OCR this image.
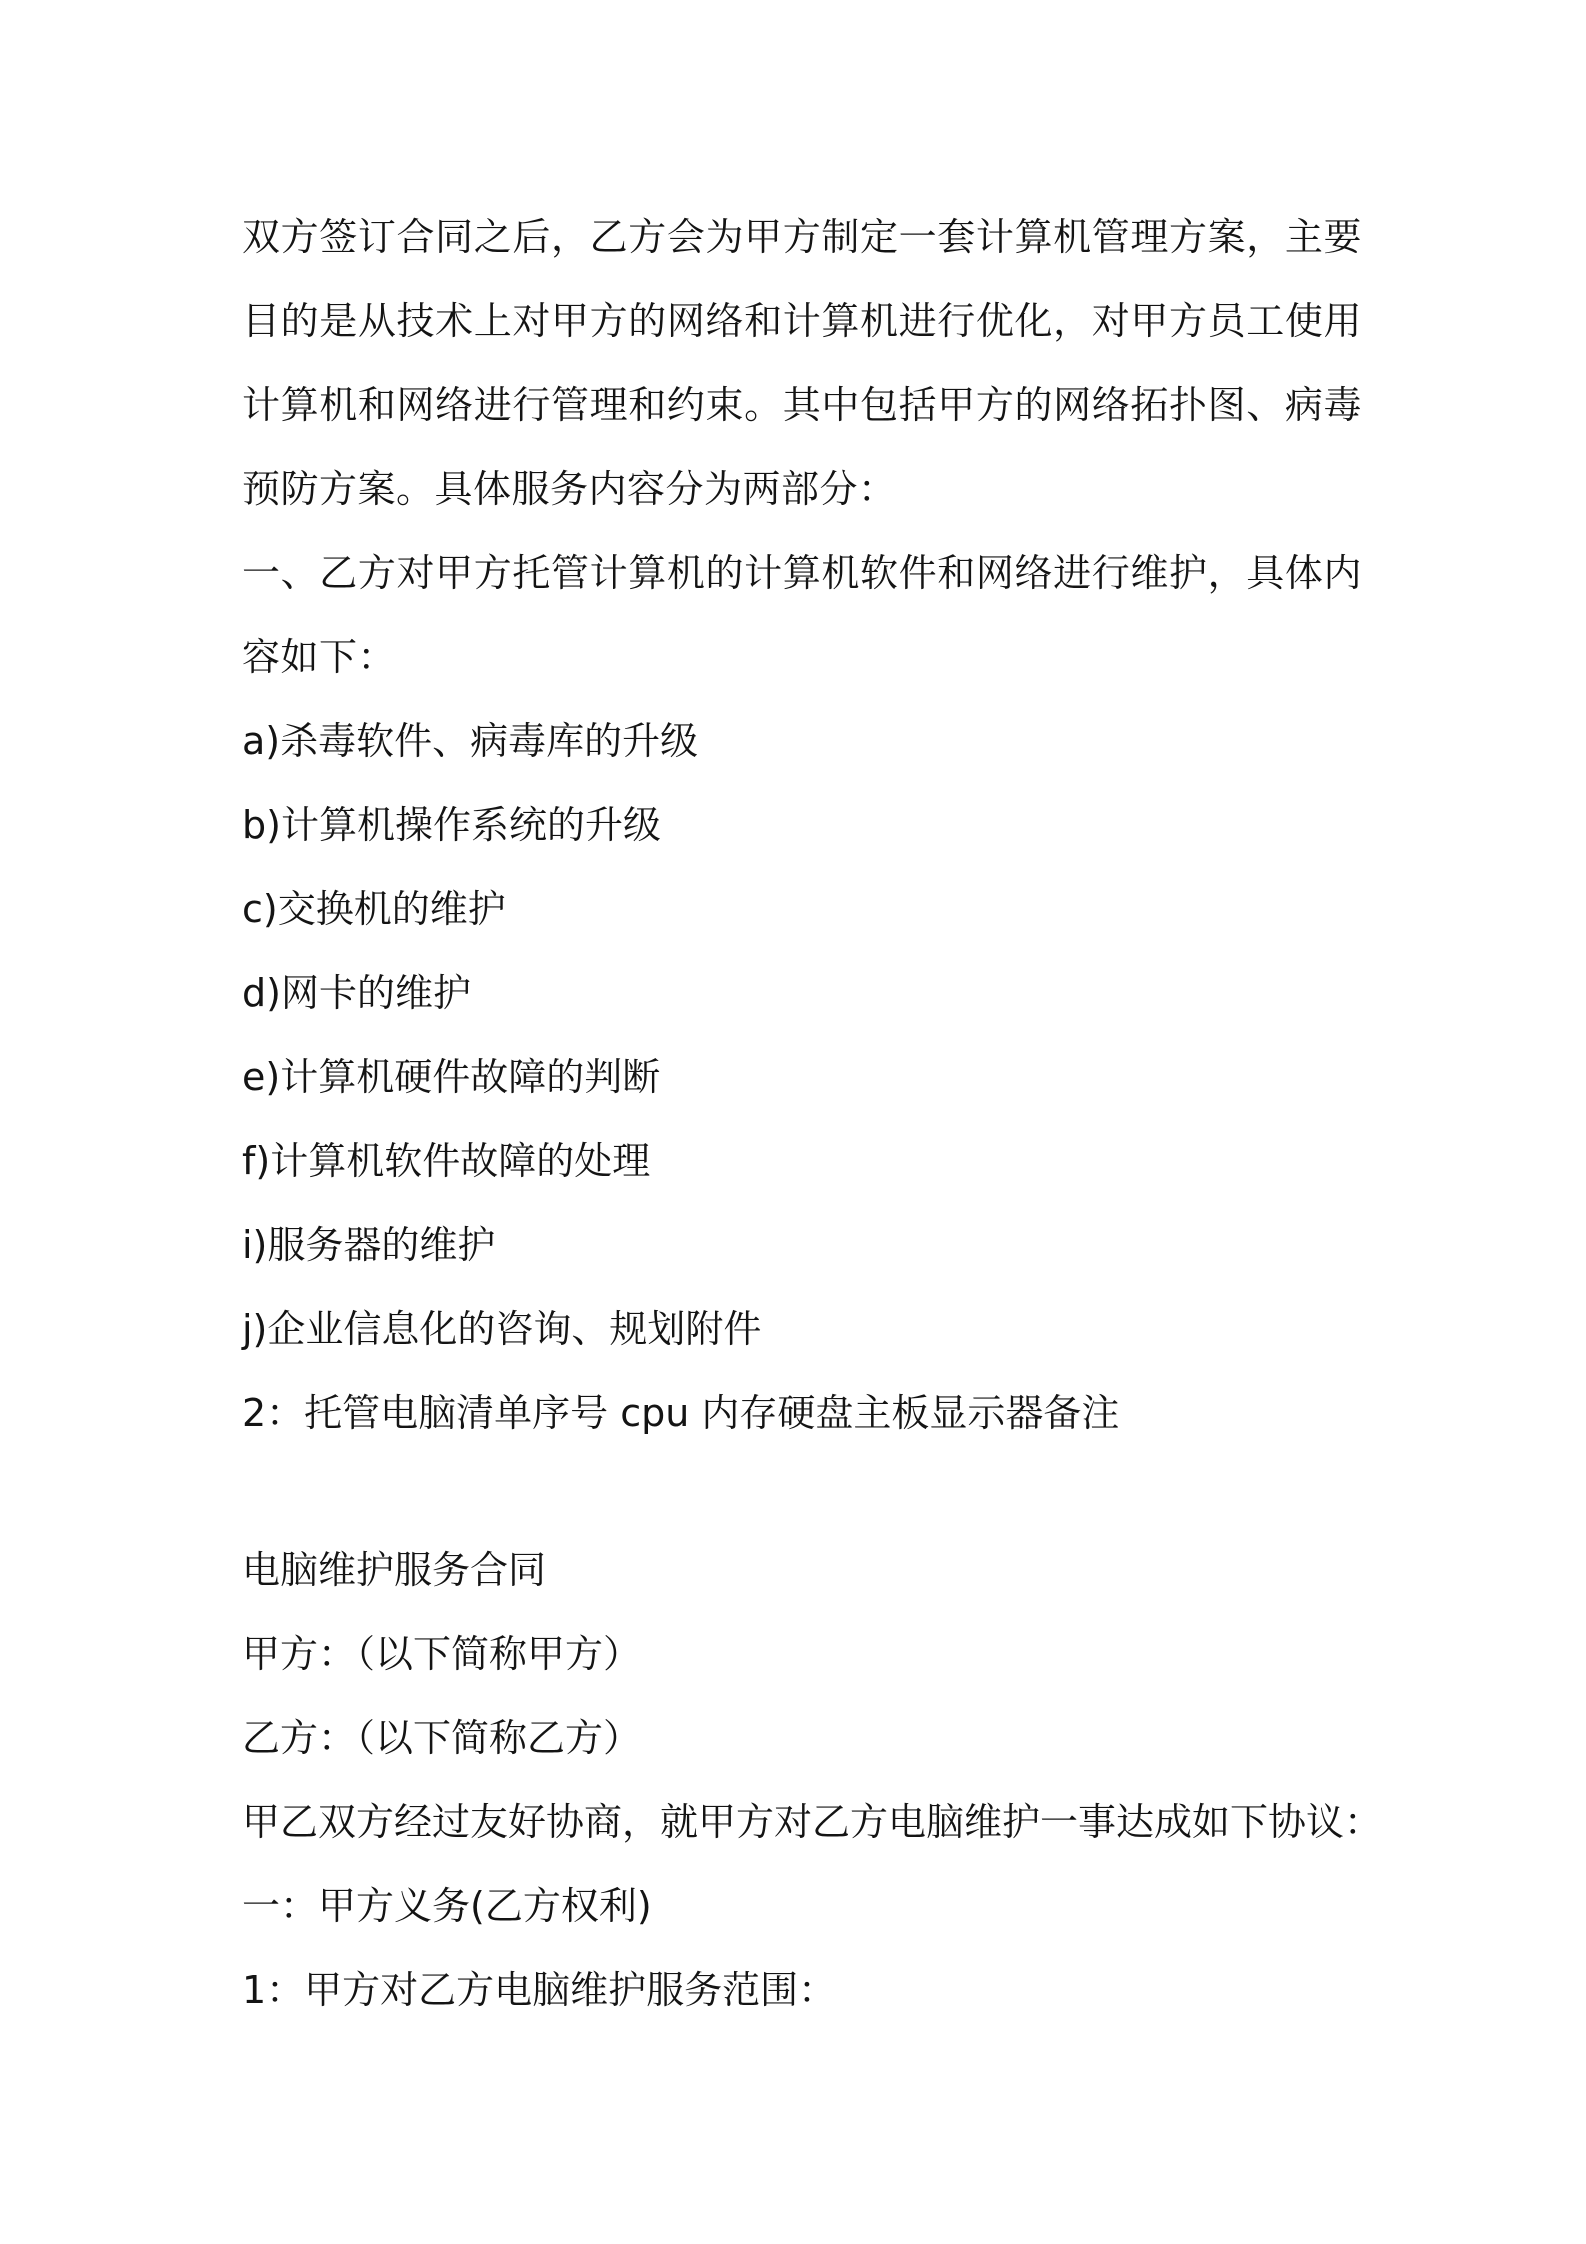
双方签订合同之后，乙方会为甲方制定一套计算机管理方案，主要目的是从技术上对甲方的网络和计算机进行优化，对甲方员工使用计算机和网络进行管理和约束。其中包括甲方的网络拓扑图、病毒预防方案。具体服务内容分为两部分：

一、乙方对甲方托管计算机的计算机软件和网络进行维护，具体内容如下：

a)杀毒软件、病毒库的升级
b)计算机操作系统的升级
c)交换机的维护
d)网卡的维护
e)计算机硬件故障的判断
f)计算机软件故障的处理
i)服务器的维护
j)企业信息化的咨询、规划附件
2：托管电脑清单序号 cpu 内存硬盘主板显示器备注
电脑维护服务合同
甲方：（以下简称甲方）
乙方：（以下简称乙方）
甲乙双方经过友好协商，就甲方对乙方电脑维护一事达成如下协议：
一：甲方义务(乙方权利)
1：甲方对乙方电脑维护服务范围：
